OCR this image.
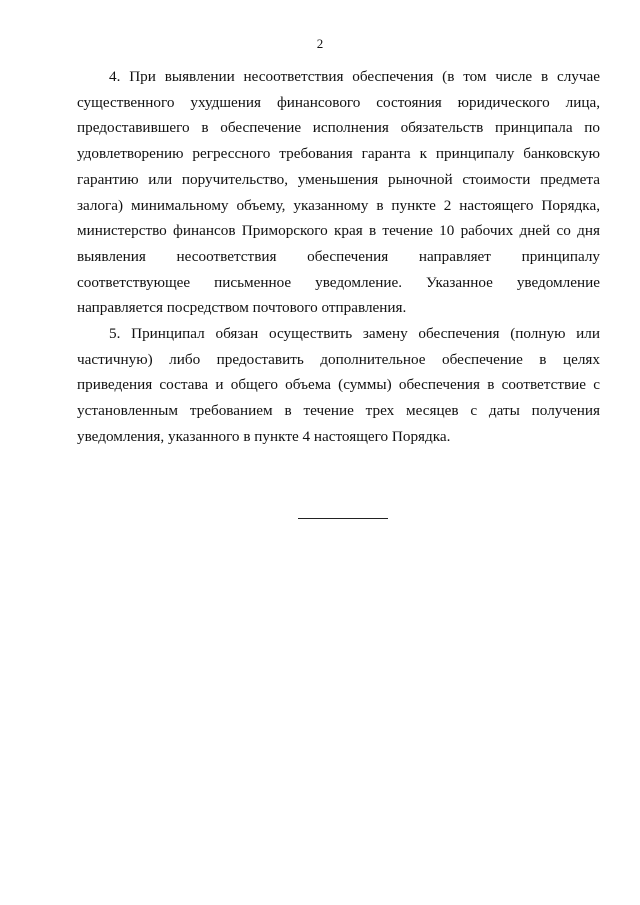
2

4. При выявлении несоответствия обеспечения (в том числе в случае существенного ухудшения финансового состояния юридического лица, предоставившего в обеспечение исполнения обязательств принципала по удовлетворению регрессного требования гаранта к принципалу банковскую гарантию или поручительство, уменьшения рыночной стоимости предмета залога) минимальному объему, указанному в пункте 2 настоящего Порядка, министерство финансов Приморского края в течение 10 рабочих дней со дня выявления несоответствия обеспечения направляет принципалу соответствующее письменное уведомление. Указанное уведомление направляется посредством почтового отправления.

5. Принципал обязан осуществить замену обеспечения (полную или частичную) либо предоставить дополнительное обеспечение в целях приведения состава и общего объема (суммы) обеспечения в соответствие с установленным требованием в течение трех месяцев с даты получения уведомления, указанного в пункте 4 настоящего Порядка.
